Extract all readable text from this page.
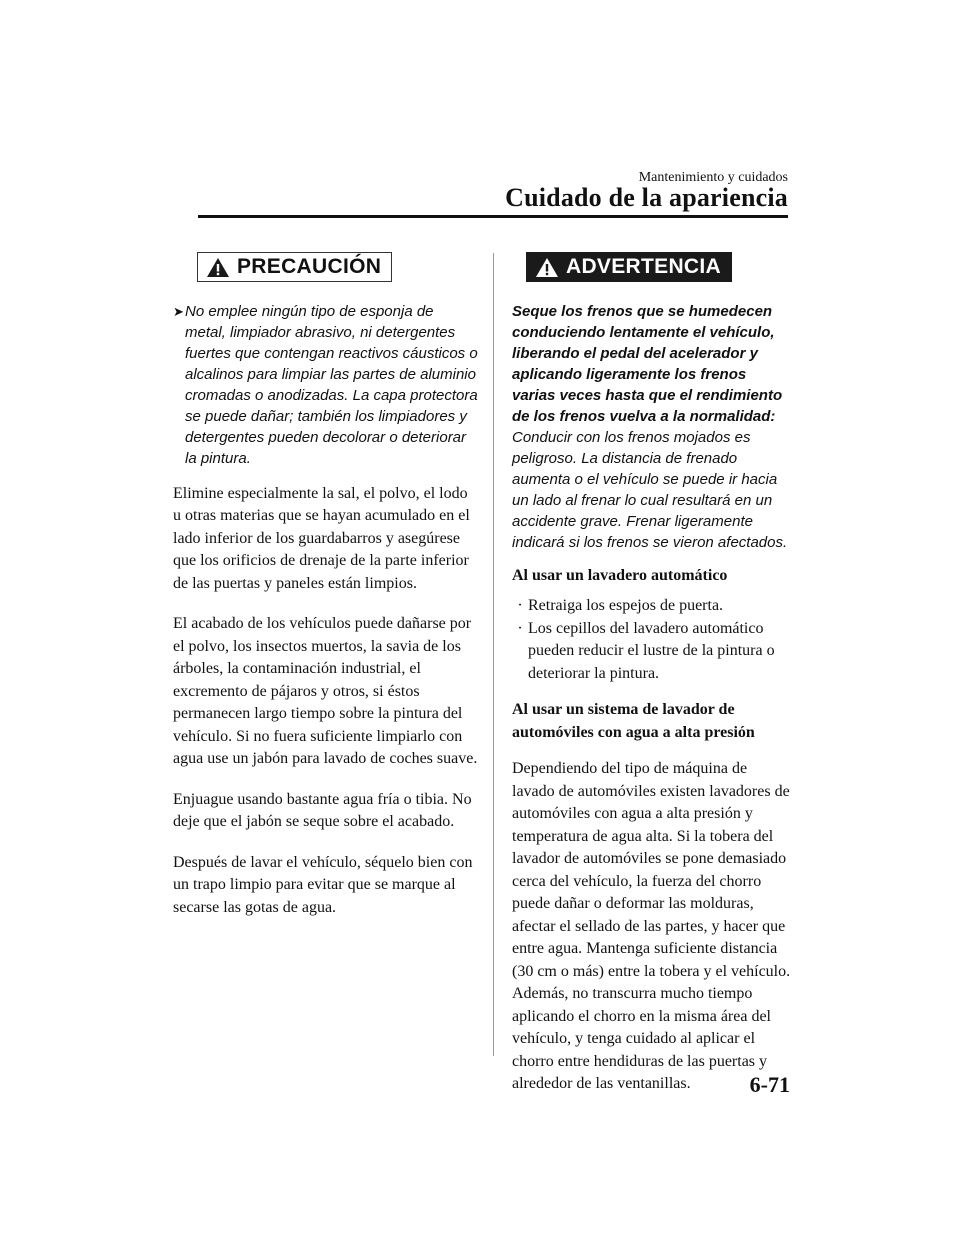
Mantenimiento y cuidados
Cuidado de la apariencia
PRECAUCIÓN
➤ No emplee ningún tipo de esponja de metal, limpiador abrasivo, ni detergentes fuertes que contengan reactivos cáusticos o alcalinos para limpiar las partes de aluminio cromadas o anodizadas. La capa protectora se puede dañar; también los limpiadores y detergentes pueden decolorar o deteriorar la pintura.

Elimine especialmente la sal, el polvo, el lodo u otras materias que se hayan acumulado en el lado inferior de los guardabarros y asegúrese que los orificios de drenaje de la parte inferior de las puertas y paneles están limpios.

El acabado de los vehículos puede dañarse por el polvo, los insectos muertos, la savia de los árboles, la contaminación industrial, el excremento de pájaros y otros, si éstos permanecen largo tiempo sobre la pintura del vehículo. Si no fuera suficiente limpiarlo con agua use un jabón para lavado de coches suave.

Enjuague usando bastante agua fría o tibia. No deje que el jabón se seque sobre el acabado.

Después de lavar el vehículo, séquelo bien con un trapo limpio para evitar que se marque al secarse las gotas de agua.

ADVERTENCIA
Seque los frenos que se humedecen conduciendo lentamente el vehículo, liberando el pedal del acelerador y aplicando ligeramente los frenos varias veces hasta que el rendimiento de los frenos vuelva a la normalidad:
Conducir con los frenos mojados es peligroso. La distancia de frenado aumenta o el vehículo se puede ir hacia un lado al frenar lo cual resultará en un accidente grave. Frenar ligeramente indicará si los frenos se vieron afectados.

Al usar un lavadero automático

· Retraiga los espejos de puerta.
· Los cepillos del lavadero automático pueden reducir el lustre de la pintura o deteriorar la pintura.

Al usar un sistema de lavador de automóviles con agua a alta presión

Dependiendo del tipo de máquina de lavado de automóviles existen lavadores de automóviles con agua a alta presión y temperatura de agua alta. Si la tobera del lavador de automóviles se pone demasiado cerca del vehículo, la fuerza del chorro puede dañar o deformar las molduras, afectar el sellado de las partes, y hacer que entre agua. Mantenga suficiente distancia (30 cm o más) entre la tobera y el vehículo. Además, no transcurra mucho tiempo aplicando el chorro en la misma área del vehículo, y tenga cuidado al aplicar el chorro entre hendiduras de las puertas y alrededor de las ventanillas.	6-71
